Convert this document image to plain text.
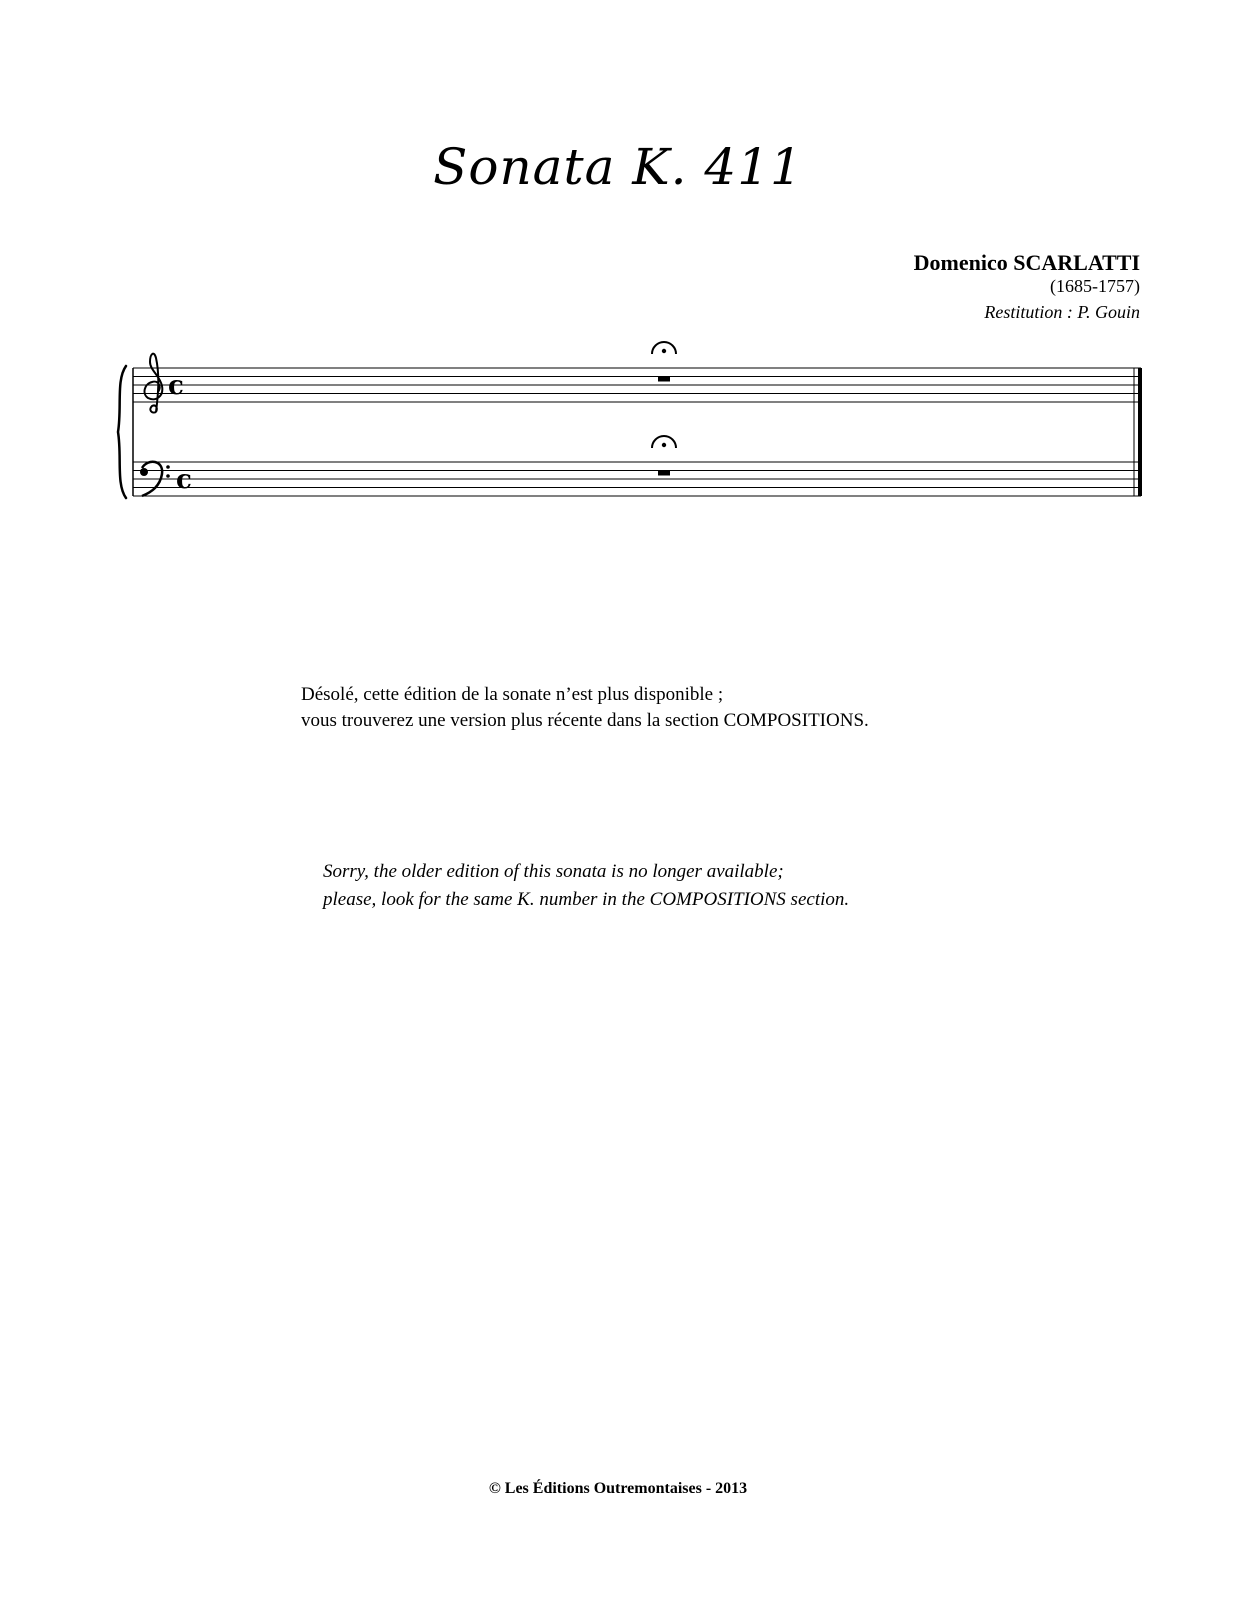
Sonata K. 411
Domenico SCARLATTI
(1685-1757)
Restitution : P. Gouin
c
c
Désolé, cette édition de la sonate n’est plus disponible ;
vous trouverez une version plus récente dans la section COMPOSITIONS.
Sorry, the older edition of this sonata is no longer available;
please, look for the same K. number in the COMPOSITIONS section.
© Les Éditions Outremontaises - 2013
